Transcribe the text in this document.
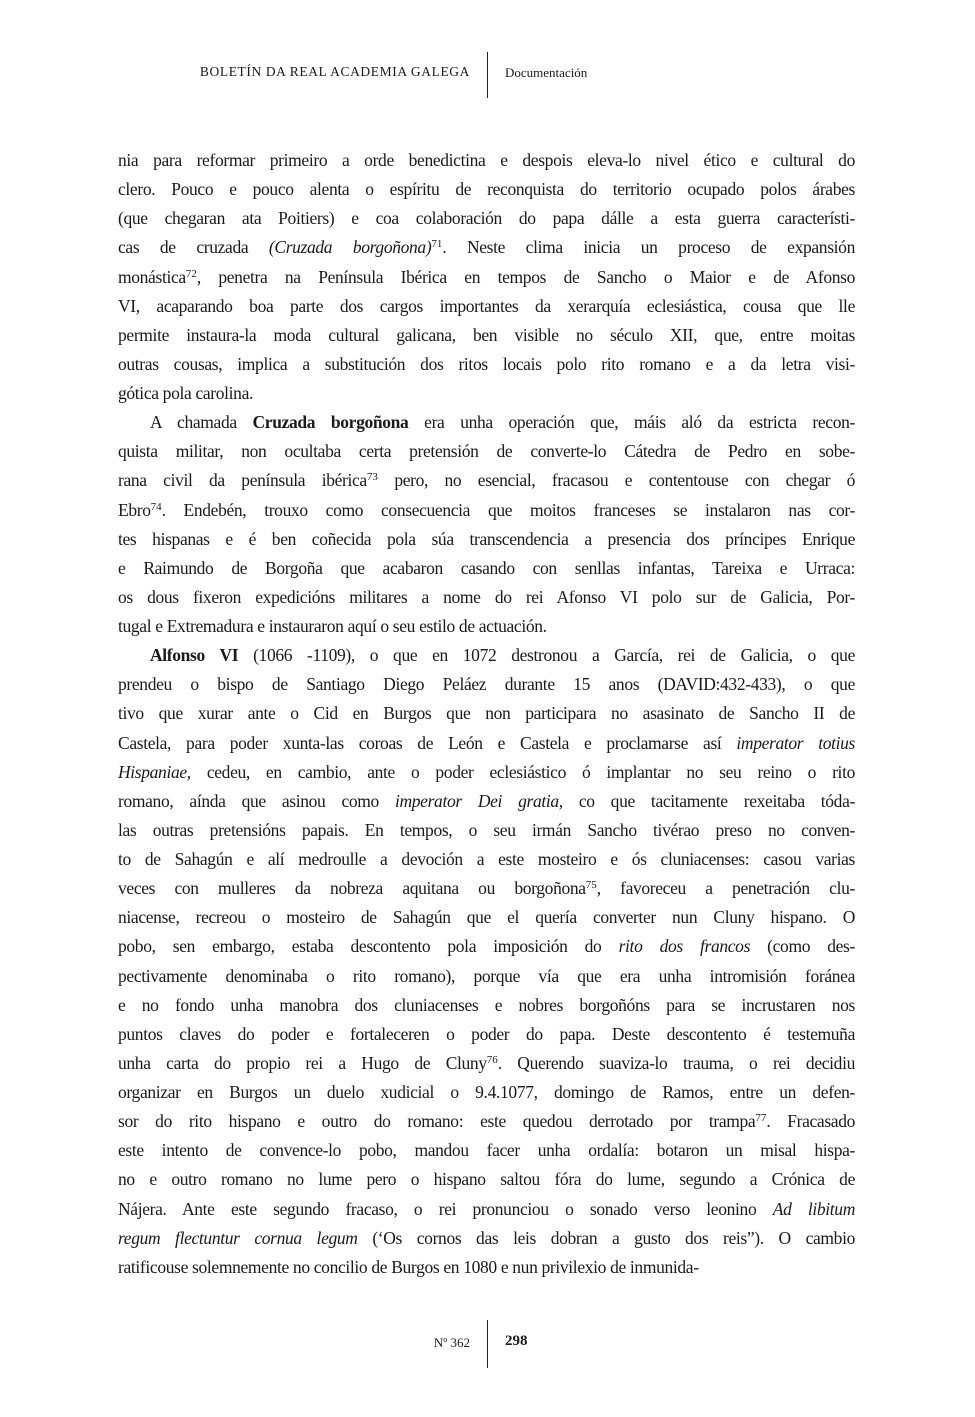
BOLETÍN DA REAL ACADEMIA GALEGA	Documentación
nia para reformar primeiro a orde benedictina e despois eleva-lo nivel ético e cultural do
clero. Pouco e pouco alenta o espíritu de reconquista do territorio ocupado polos árabes
(que chegaran ata Poitiers) e coa colaboración do papa dálle a esta guerra característi-
cas de cruzada (Cruzada borgoñona)$^{71}$. Neste clima inicia un proceso de expansión
monástica$^{72}$, penetra na Península Ibérica en tempos de Sancho o Maior e de Afonso
VI, acaparando boa parte dos cargos importantes da xerarquía eclesiástica, cousa que lle
permite instaura-la moda cultural galicana, ben visible no século XII, que, entre moitas
outras cousas, implica a substitución dos ritos locais polo rito romano e a da letra visi-
gótica pola carolina.
A chamada Cruzada borgoñona era unha operación que, máis aló da estricta recon-
quista militar, non ocultaba certa pretensión de converte-lo Cátedra de Pedro en sobe-
rana civil da península ibérica$^{73}$ pero, no esencial, fracasou e contentouse con chegar ó
Ebro$^{74}$. Endebén, trouxo como consecuencia que moitos franceses se instalaron nas cor-
tes hispanas e é ben coñecida pola súa transcendencia a presencia dos príncipes Enrique
e Raimundo de Borgoña que acabaron casando con senllas infantas, Tareixa e Urraca:
os dous fixeron expedicións militares a nome do rei Afonso VI polo sur de Galicia, Por-
tugal e Extremadura e instauraron aquí o seu estilo de actuación.
Alfonso VI (1066 -1109), o que en 1072 destronou a García, rei de Galicia, o que
prendeu o bispo de Santiago Diego Peláez durante 15 anos (DAVID:432-433), o que
tivo que xurar ante o Cid en Burgos que non participara no asasinato de Sancho II de
Castela, para poder xunta-las coroas de León e Castela e proclamarse así imperator totius
Hispaniae, cedeu, en cambio, ante o poder eclesiástico ó implantar no seu reino o rito
romano, aínda que asinou como imperator Dei gratia, co que tacitamente rexeitaba tóda-
las outras pretensións papais. En tempos, o seu irmán Sancho tivérao preso no conven-
to de Sahagún e alí medroulle a devoción a este mosteiro e ós cluniacenses: casou varias
veces con mulleres da nobreza aquitana ou borgoñona$^{75}$, favoreceu a penetración clu-
niacense, recreou o mosteiro de Sahagún que el quería converter nun Cluny hispano. O
pobo, sen embargo, estaba descontento pola imposición do rito dos francos (como des-
pectivamente denominaba o rito romano), porque vía que era unha intromisión foránea
e no fondo unha manobra dos cluniacenses e nobres borgoñóns para se incrustaren nos
puntos claves do poder e fortaleceren o poder do papa. Deste descontento é testemuña
unha carta do propio rei a Hugo de Cluny$^{76}$. Querendo suaviza-lo trauma, o rei decidiu
organizar en Burgos un duelo xudicial o 9.4.1077, domingo de Ramos, entre un defen-
sor do rito hispano e outro do romano: este quedou derrotado por trampa$^{77}$. Fracasado
este intento de convence-lo pobo, mandou facer unha ordalía: botaron un misal hispa-
no e outro romano no lume pero o hispano saltou fóra do lume, segundo a Crónica de
Nájera. Ante este segundo fracaso, o rei pronunciou o sonado verso leonino Ad libitum
regum flectuntur cornua legum (‘Os cornos das leis dobran a gusto dos reis”). O cambio
ratificouse solemnemente no concilio de Burgos en 1080 e nun privilexio de inmunida-
Nº 362 298
